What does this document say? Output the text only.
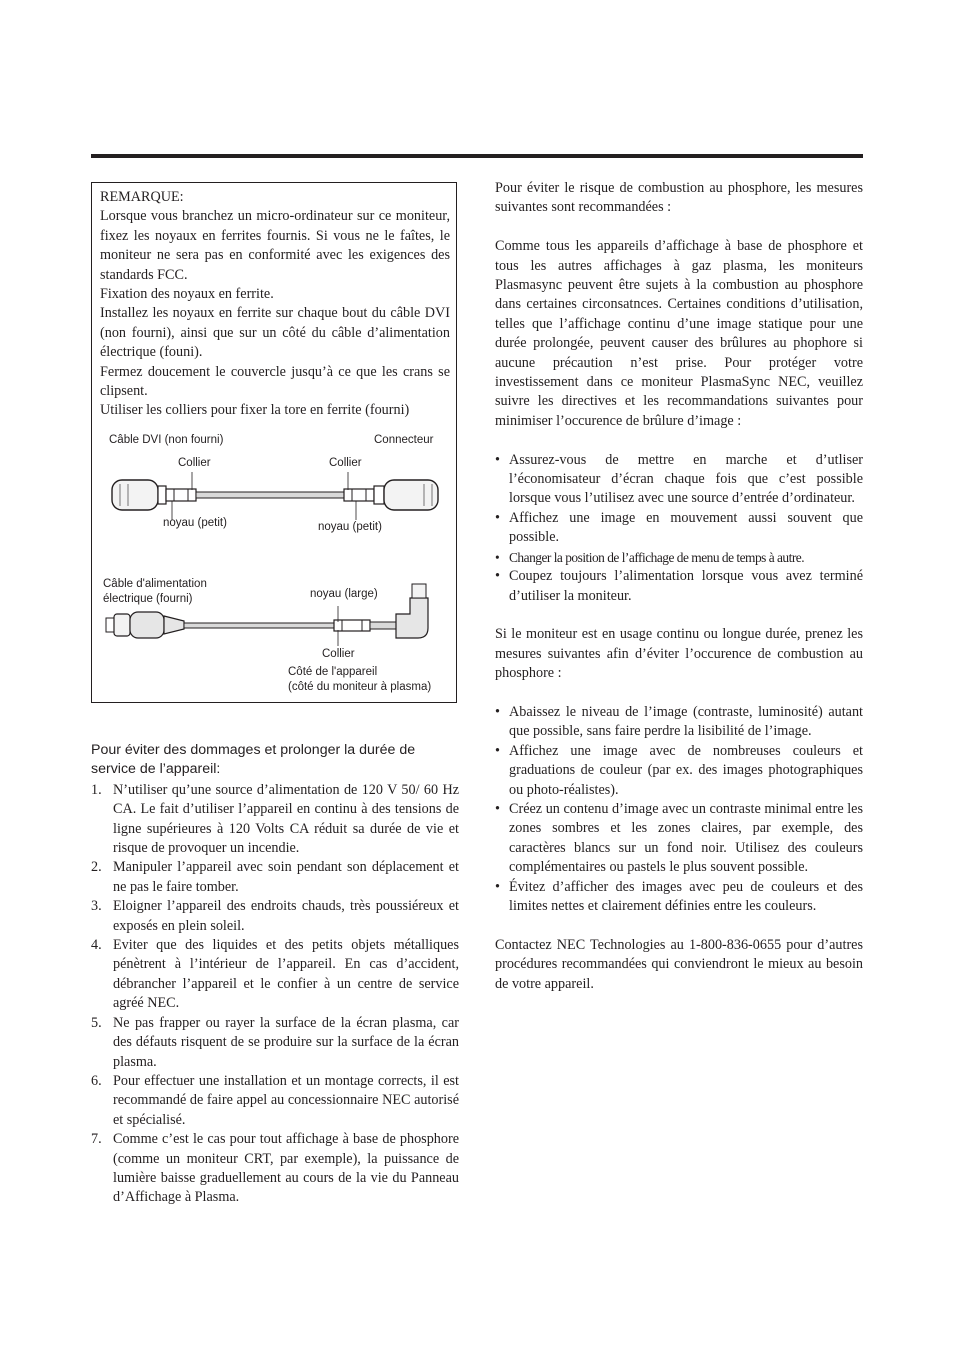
REMARQUE:

Lorsque vous branchez un micro-ordinateur sur ce moniteur, fixez les noyaux en ferrites fournis. Si vous ne le faîtes, le moniteur ne sera pas en conformité avec les exigences des standards FCC.

Fixation des noyaux en ferrite.

Installez les noyaux en ferrite sur chaque bout du câble DVI (non fourni), ainsi que sur un côté du câble d’alimentation électrique (founi).

Fermez doucement le couvercle jusqu’à ce que les crans se clipsent.

Utiliser les colliers pour fixer la tore en ferrite (fourni)

Câble DVI (non fourni)	Connecteur
Collier	Collier
noyau (petit)	noyau (petit)
Câble d'alimentation
électrique (fourni)	noyau (large)
Collier
Côté de l'appareil
(côté du moniteur à plasma)

Pour éviter des dommages et prolonger la durée de service de l’appareil:

1. N’utiliser qu’une source d’alimentation de 120 V 50/ 60 Hz CA. Le fait d’utiliser l’appareil en continu à des tensions de ligne supérieures à 120 Volts CA réduit sa durée de vie et risque de provoquer un incendie.
2. Manipuler l’appareil avec soin pendant son déplacement et ne pas le faire tomber.
3. Eloigner l’appareil des endroits chauds, très poussiéreux et exposés en plein soleil.
4. Eviter que des liquides et des petits objets métalliques pénètrent à l’intérieur de l’appareil. En cas d’accident, débrancher l’appareil et le confier à un centre de service agréé NEC.
5. Ne pas frapper ou rayer la surface de la écran plasma, car des défauts risquent de se produire sur la surface de la écran plasma.
6. Pour effectuer une installation et un montage corrects, il est recommandé de faire appel au concessionnaire NEC autorisé et spécialisé.
7. Comme c’est le cas pour tout affichage à base de phosphore (comme un moniteur CRT, par exemple), la puissance de lumière baisse graduellement au cours de la vie du Panneau d’Affichage à Plasma.

Pour éviter le risque de combustion au phosphore, les mesures suivantes sont recommandées :

Comme tous les appareils d’affichage à base de phosphore et tous les autres affichages à gaz plasma, les moniteurs Plasmasync peuvent être sujets à la combustion au phosphore dans certaines circonsatnces. Certaines conditions d’utilisation, telles que l’affichage continu d’une image statique pour une durée prolongée, peuvent causer des brûlures au phophore si aucune précaution n’est prise. Pour protéger votre investissement dans ce moniteur PlasmaSync NEC, veuillez suivre les directives et les recommandations suivantes pour minimiser l’occurence de brûlure d’image :

• Assurez-vous de mettre en marche et d’utliser l’économisateur d’écran chaque fois que c’est possible lorsque vous l’utilisez avec une source d’entrée d’ordinateur.
• Affichez une image en mouvement aussi souvent que possible.
• Changer la position de l’affichage de menu de temps à autre.
• Coupez toujours l’alimentation lorsque vous avez terminé d’utiliser la moniteur.

Si le moniteur est en usage continu ou longue durée, prenez les mesures suivantes afin d’éviter l’occurence de combustion au phosphore :

• Abaissez le niveau de l’image (contraste, luminosité) autant que possible, sans faire perdre la lisibilité de l’image.
• Affichez une image avec de nombreuses couleurs et graduations de couleur (par ex. des images photographiques ou photo-réalistes).
• Créez un contenu d’image avec un contraste minimal entre les zones sombres et les zones claires, par exemple, des caractères blancs sur un fond noir. Utilisez des couleurs complémentaires ou pastels le plus souvent possible.
• Évitez d’afficher des images avec peu de couleurs et des limites nettes et clairement définies entre les couleurs.

Contactez NEC Technologies au 1-800-836-0655 pour d’autres procédures recommandées qui conviendront le mieux au besoin de votre appareil.
